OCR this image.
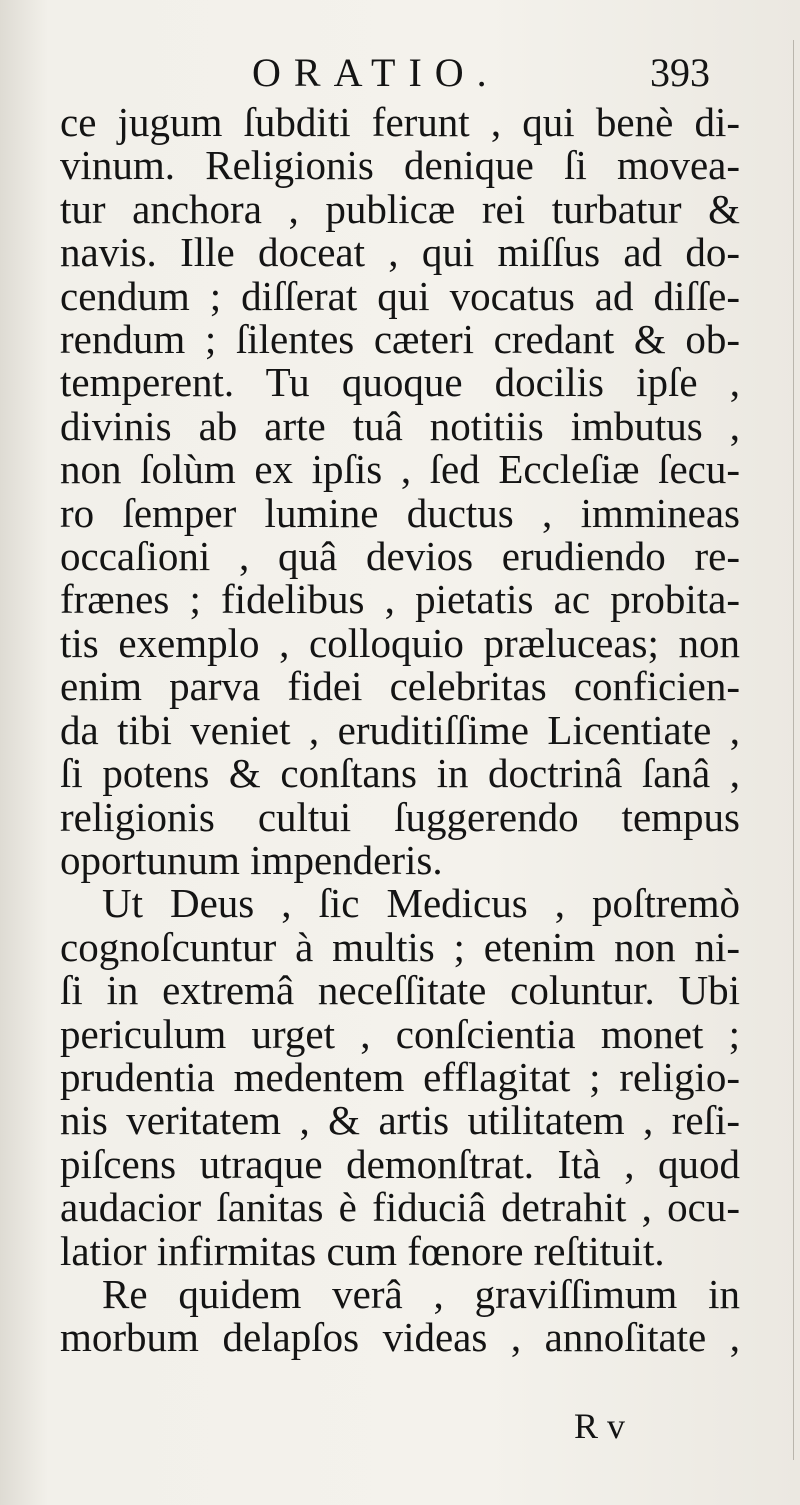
ORATIO.	393
ce jugum ſubditi ferunt , qui benè di-
vinum. Religionis denique ſi movea-
tur anchora , publicæ rei turbatur &
navis. Ille doceat , qui miſſus ad do-
cendum ; diſſerat qui vocatus ad diſſe-
rendum ; ſilentes cæteri credant & ob-
temperent. Tu quoque docilis ipſe ,
divinis ab arte tuâ notitiis imbutus ,
non ſolùm ex ipſis , ſed Eccleſiæ ſecu-
ro ſemper lumine ductus , immineas
occaſioni , quâ devios erudiendo re-
frænes ; fidelibus , pietatis ac probita-
tis exemplo , colloquio præluceas; non
enim parva fidei celebritas conficien-
da tibi veniet , eruditiſſime Licentiate ,
ſi potens & conſtans in doctrinâ ſanâ ,
religionis cultui ſuggerendo tempus
oportunum impenderis.
Ut Deus , ſic Medicus , poſtremò
cognoſcuntur à multis ; etenim non ni-
ſi in extremâ neceſſitate coluntur. Ubi
periculum urget , conſcientia monet ;
prudentia medentem efflagitat ; religio-
nis veritatem , & artis utilitatem , reſi-
piſcens utraque demonſtrat. Ità , quod
audacior ſanitas è fiduciâ detrahit , ocu-
latior infirmitas cum fœnore reſtituit.
Re quidem verâ , graviſſimum in
morbum delapſos videas , annoſitate ,
R v
